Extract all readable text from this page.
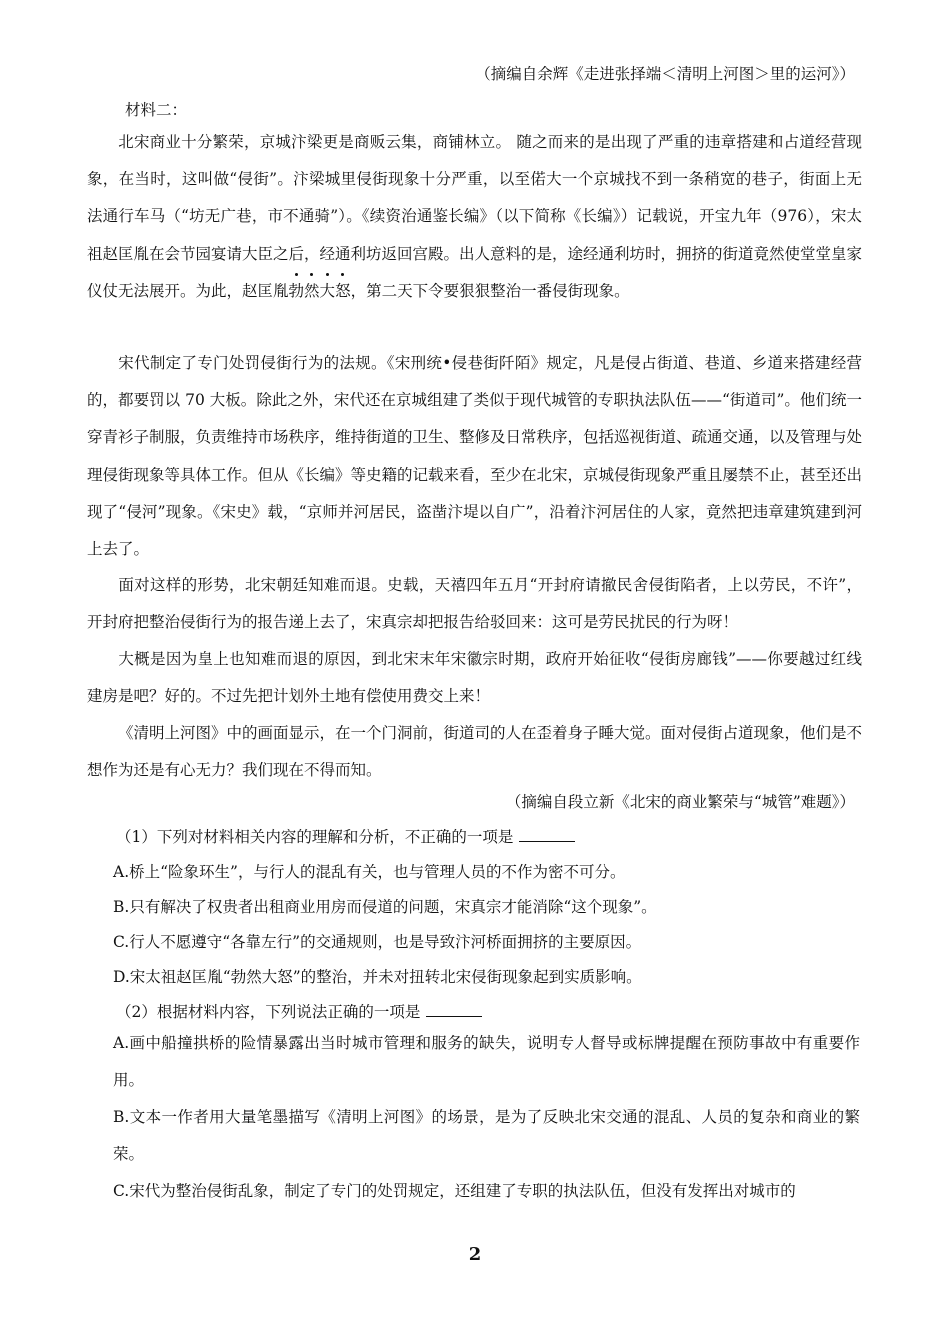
（摘编自余辉《走进张择端＜清明上河图＞里的运河》）
材料二：
北宋商业十分繁荣，京城汴梁更是商贩云集，商铺林立。 随之而来的是出现了严重的违章搭建和占道经营现象，在当时，这叫做“侵街”。汴梁城里侵街现象十分严重，以至偌大一个京城找不到一条稍宽的巷子，街面上无法通行车马（“坊无广巷，市不通骑”）。《续资治通鉴长编》（以下简称《长编》）记载说，开宝九年（976），宋太祖赵匡胤在会节园宴请大臣之后，经通利坊返回宫殿。出人意料的是，途经通利坊时，拥挤的街道竟然使堂堂皇家仪仗无法展开。为此，赵匡胤勃
然
大
怒
，第二天下令要狠狠整治一番侵街现象。
宋代制定了专门处罚侵街行为的法规。《宋刑统•侵巷街阡陌》规定，凡是侵占街道、巷道、乡道来搭建经营的，都要罚以 70 大板。除此之外，宋代还在京城组建了类似于现代城管的专职执法队伍——“街道司”。他们统一穿青衫子制服，负责维持市场秩序，维持街道的卫生、整修及日常秩序，包括巡视街道、疏通交通，以及管理与处理侵街现象等具体工作。但从《长编》等史籍的记载来看，至少在北宋，京城侵街现象严重且屡禁不止，甚至还出现了“侵河”现象。《宋史》载，“京师并河居民，盗凿汴堤以自广”，沿着汴河居住的人家，竟然把违章建筑建到河上去了。
面对这样的形势，北宋朝廷知难而退。史载，天禧四年五月“开封府请撤民舍侵街陷者，上以劳民，不许”，开封府把整治侵街行为的报告递上去了，宋真宗却把报告给驳回来：这可是劳民扰民的行为呀！
大概是因为皇上也知难而退的原因，到北宋末年宋徽宗时期，政府开始征收“侵街房廊钱”——你要越过红线建房是吧？好的。不过先把计划外土地有偿使用费交上来！
《清明上河图》中的画面显示，在一个门洞前，街道司的人在歪着身子睡大觉。面对侵街占道现象，他们是不想作为还是有心无力？我们现在不得而知。
（摘编自段立新《北宋的商业繁荣与“城管”难题》）
（1）下列对材料相关内容的理解和分析，不正确的一项是
A.桥上“险象环生”，与行人的混乱有关，也与管理人员的不作为密不可分。
B.只有解决了权贵者出租商业用房而侵道的问题，宋真宗才能消除“这个现象”。
C.行人不愿遵守“各靠左行”的交通规则，也是导致汴河桥面拥挤的主要原因。
D.宋太祖赵匡胤“勃然大怒”的整治，并未对扭转北宋侵街现象起到实质影响。
（2）根据材料内容，下列说法正确的一项是
A.画中船撞拱桥的险情暴露出当时城市管理和服务的缺失，说明专人督导或标牌提醒在预防事故中有重要作用。
B.文本一作者用大量笔墨描写《清明上河图》的场景，是为了反映北宋交通的混乱、人员的复杂和商业的繁荣。
C.宋代为整治侵街乱象，制定了专门的处罚规定，还组建了专职的执法队伍，但没有发挥出对城市的
2
